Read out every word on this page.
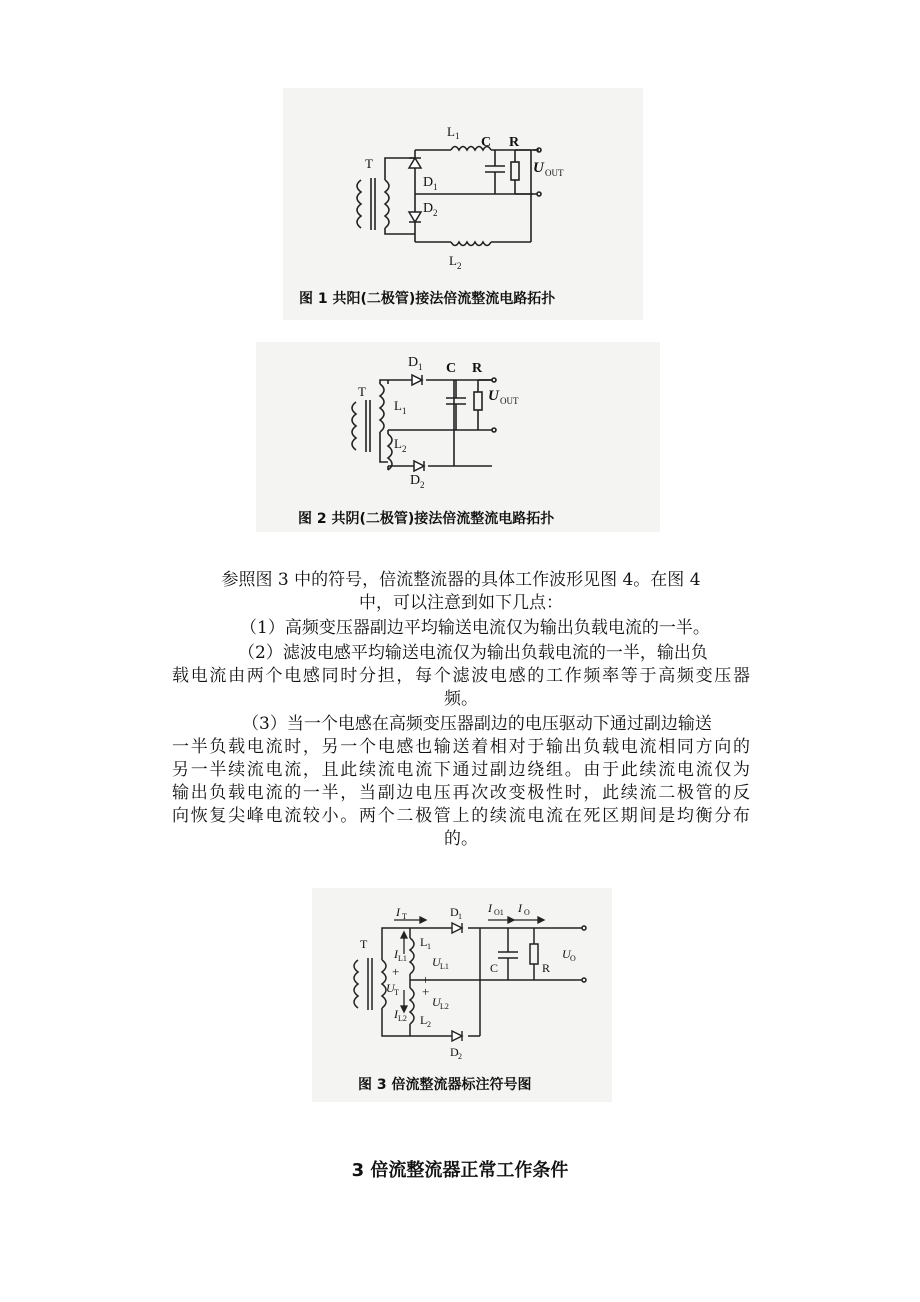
T
L 1 C R
U OUT
D 1
D 2
L 2
图 1 共阳(二极管)接法倍流整流电路拓扑
T
D 1 C R
U OUT
L 1
L 2
D 2
图 2 共阴(二极管)接法倍流整流电路拓扑
参照图 3 中的符号，倍流整流器的具体工作波形见图 4。在图 4
中，可以注意到如下几点：
（1）高频变压器副边平均输送电流仅为输出负载电流的一半。
（2）滤波电感平均输送电流仅为输出负载电流的一半，输出负
载电流由两个电感同时分担，每个滤波电感的工作频率等于高频变压器
频。
（3）当一个电感在高频变压器副边的电压驱动下通过副边输送
一半负载电流时，另一个电感也输送着相对于输出负载电流相同方向的
另一半续流电流，且此续流电流下通过副边绕组。由于此续流电流仅为
输出负载电流的一半，当副边电压再次改变极性时，此续流二极管的反
向恢复尖峰电流较小。两个二极管上的续流电流在死区期间是均衡分布
的。
T
I T	D 1
I O1 I O
I L1
L 1
U L1
+
+
+
U T
U L2
I L2 L 2
D 2
C	R
U O
图 3 倍流整流器标注符号图
3 倍流整流器正常工作条件
